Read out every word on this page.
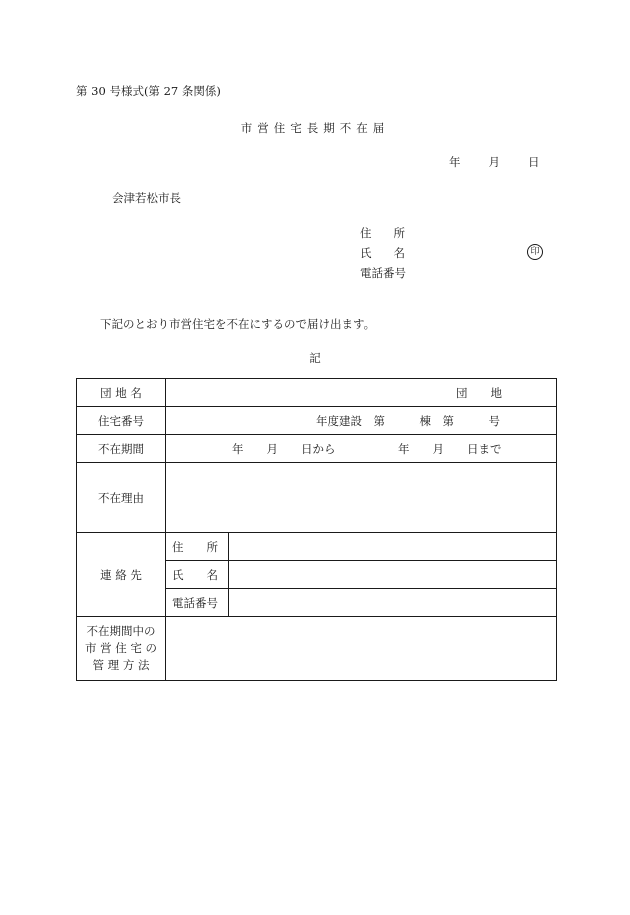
第 30 号様式(第 27 条関係)
市営住宅長期不在届
年 月 日
会津若松市長
住所
氏名
電話番号
印
下記のとおり市営住宅を不在にするので届け出ます。
記
団 地 名	団　　地	

住宅番号	年度建設　第　　　棟　第　　　号	

不在期間	年　　月　　日から 年　　月　　日まで	

不在理由		
連 絡 先	住　　所	
	氏　　名	
	電話番号	

不在期間中の
市 営 住 宅 の
管 理 方 法		
